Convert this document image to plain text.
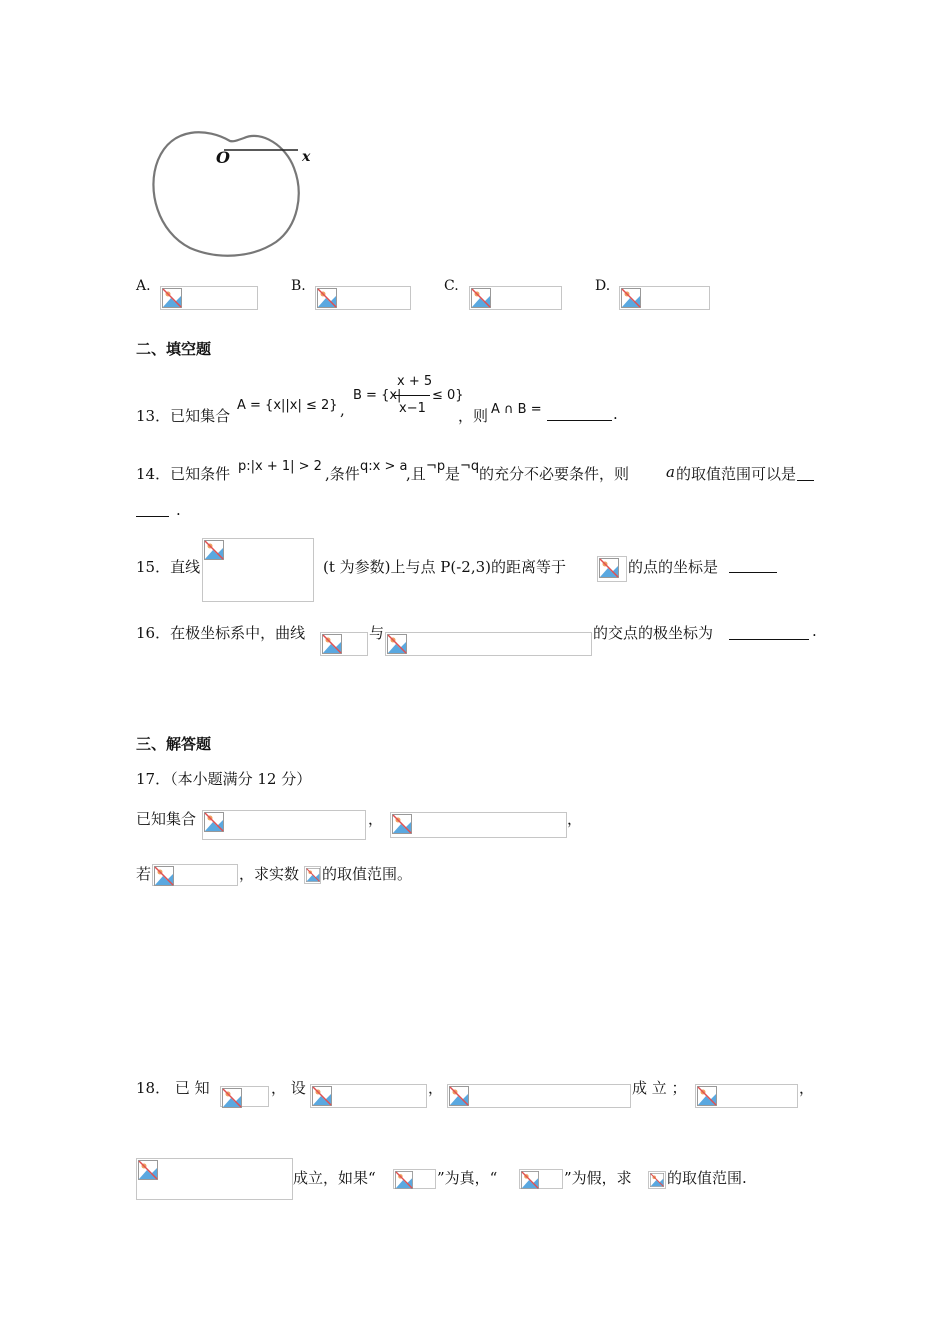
O	x
A.	B.	C.	D.
二、填空题
13．已知集合
A = {x||x| ≤ 2} ,
B = {x|
x + 5
x−1
≤ 0}
，则 A ∩ B =	.
14．已知条件 p:|x + 1| > 2 ,条件 q:x > a
,且 ¬p 是 ¬q 的充分不必要条件，则 a 的取值范围可以是
.
15．直线	(t 为参数)上与点 P(-2,3)的距离等于	的点的坐标是
16．在极坐标系中，曲线	与	的交点的极坐标为	.
三、解答题
17．（本小题满分 12 分）
已知集合	，	，
若	，求实数 的取值范围。
18． 已 知	， 设	，	成 立 ；	，
成立，如果“	”为真，“	”为假，求 的取值范围.
